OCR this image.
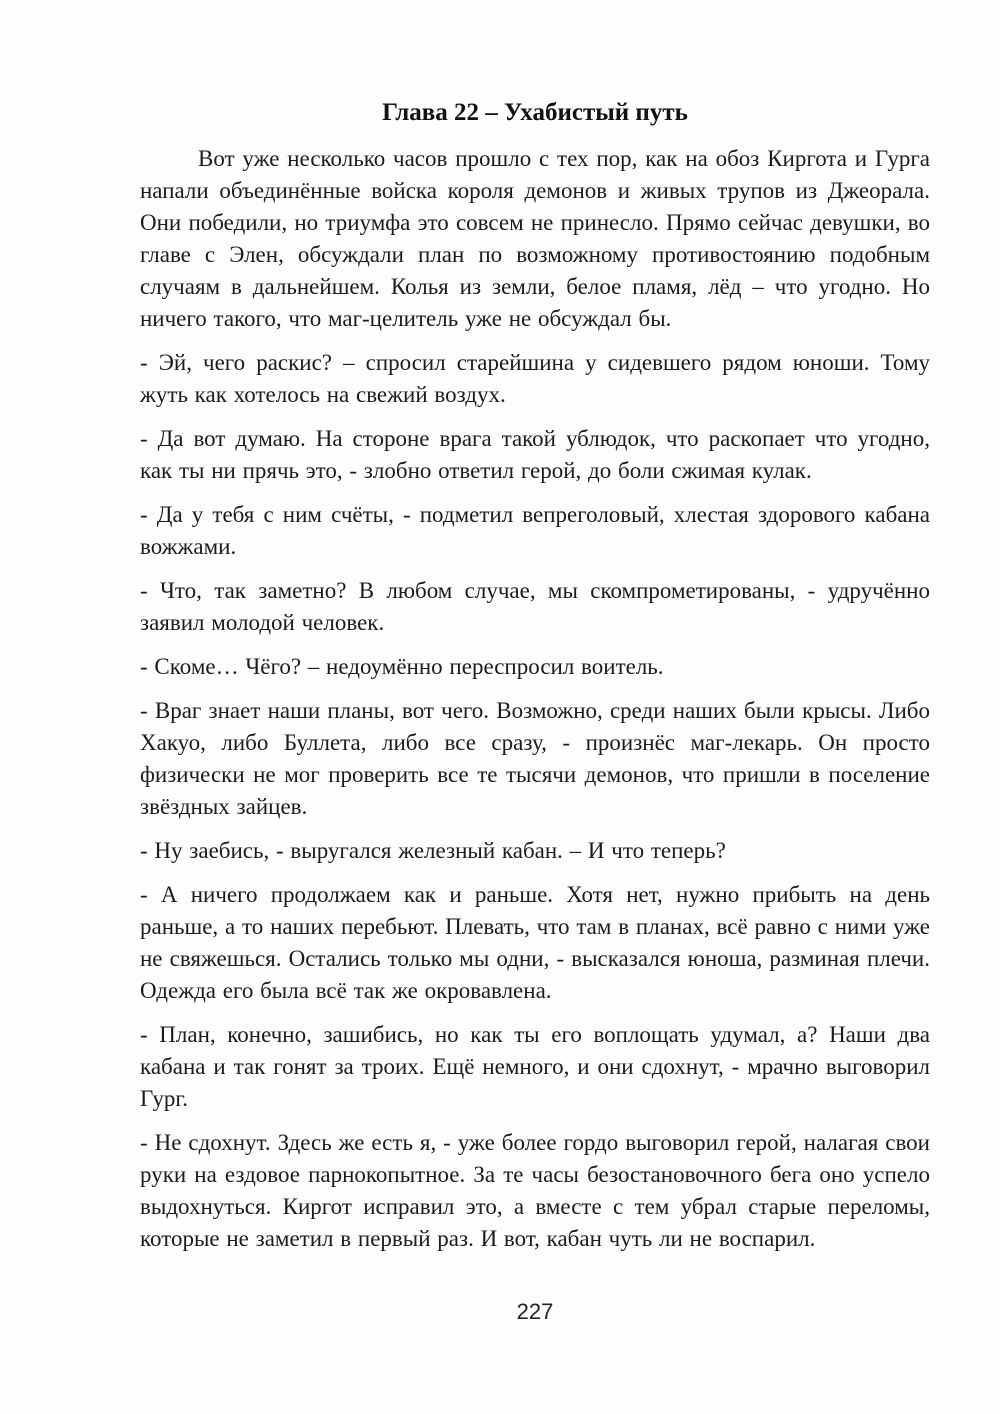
Глава 22 – Ухабистый путь

Вот уже несколько часов прошло с тех пор, как на обоз Киргота и Гурга напали объединённые войска короля демонов и живых трупов из Джеорала. Они победили, но триумфа это совсем не принесло. Прямо сейчас девушки, во главе с Элен, обсуждали план по возможному противостоянию подобным случаям в дальнейшем. Колья из земли, белое пламя, лёд – что угодно. Но ничего такого, что маг-целитель уже не обсуждал бы.

- Эй, чего раскис? – спросил старейшина у сидевшего рядом юноши. Тому жуть как хотелось на свежий воздух.

- Да вот думаю. На стороне врага такой ублюдок, что раскопает что угодно, как ты ни прячь это, - злобно ответил герой, до боли сжимая кулак.

- Да у тебя с ним счёты, - подметил вепреголовый, хлестая здорового кабана вожжами.

- Что, так заметно? В любом случае, мы скомпрометированы, - удручённо заявил молодой человек.

- Скоме… Чёго? – недоумённо переспросил воитель.

- Враг знает наши планы, вот чего. Возможно, среди наших были крысы. Либо Хакуо, либо Буллета, либо все сразу, - произнёс маг-лекарь. Он просто физически не мог проверить все те тысячи демонов, что пришли в поселение звёздных зайцев.

- Ну заебись, - выругался железный кабан. – И что теперь?

- А ничего продолжаем как и раньше. Хотя нет, нужно прибыть на день раньше, а то наших перебьют. Плевать, что там в планах, всё равно с ними уже не свяжешься. Остались только мы одни, - высказался юноша, разминая плечи. Одежда его была всё так же окровавлена.

- План, конечно, зашибись, но как ты его воплощать удумал, а? Наши два кабана и так гонят за троих. Ещё немного, и они сдохнут, - мрачно выговорил Гург.

- Не сдохнут. Здесь же есть я, - уже более гордо выговорил герой, налагая свои руки на ездовое парнокопытное. За те часы безостановочного бега оно успело выдохнуться. Киргот исправил это, а вместе с тем убрал старые переломы, которые не заметил в первый раз. И вот, кабан чуть ли не воспарил.

227
